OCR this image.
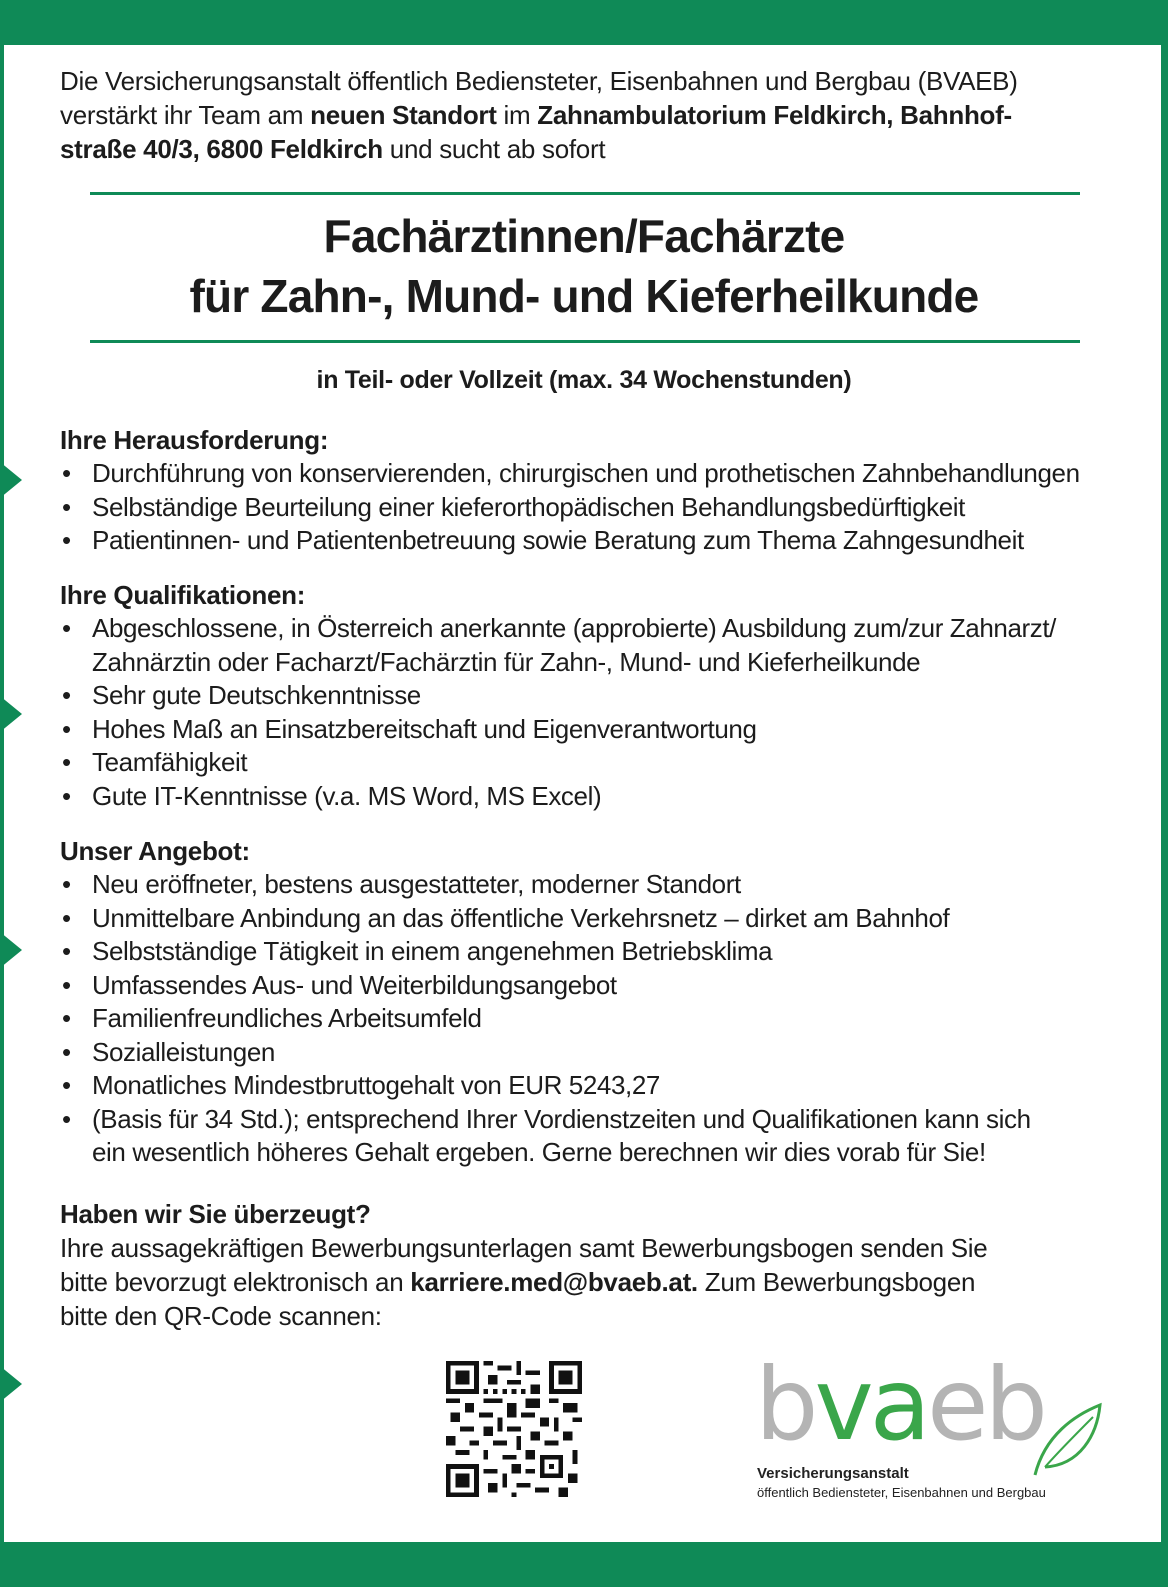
Die Versicherungsanstalt öffentlich Bediensteter, Eisenbahnen und Bergbau (BVAEB)
verstärkt ihr Team am neuen Standort im Zahnambulatorium Feldkirch, Bahnhof-
straße 40/3, 6800 Feldkirch und sucht ab sofort
Fachärztinnen/Fachärzte
für Zahn-, Mund- und Kieferheilkunde
in Teil- oder Vollzeit (max. 34 Wochenstunden)
Ihre Herausforderung:
• Durchführung von konservierenden, chirurgischen und prothetischen Zahnbehandlungen
• Selbständige Beurteilung einer kieferorthopädischen Behandlungsbedürftigkeit
• Patientinnen- und Patientenbetreuung sowie Beratung zum Thema Zahngesundheit
Ihre Qualifikationen:
• Abgeschlossene, in Österreich anerkannte (approbierte) Ausbildung zum/zur Zahnarzt/ Zahnärztin oder Facharzt/Fachärztin für Zahn-, Mund- und Kieferheilkunde
• Sehr gute Deutschkenntnisse
• Hohes Maß an Einsatzbereitschaft und Eigenverantwortung
• Teamfähigkeit
• Gute IT-Kenntnisse (v.a. MS Word, MS Excel)
Unser Angebot:
• Neu eröffneter, bestens ausgestatteter, moderner Standort
• Unmittelbare Anbindung an das öffentliche Verkehrsnetz – dirket am Bahnhof
• Selbstständige Tätigkeit in einem angenehmen Betriebsklima
• Umfassendes Aus- und Weiterbildungsangebot
• Familienfreundliches Arbeitsumfeld
• Sozialleistungen
• Monatliches Mindestbruttogehalt von EUR 5243,27
• (Basis für 34 Std.); entsprechend Ihrer Vordienstzeiten und Qualifikationen kann sich ein wesentlich höheres Gehalt ergeben. Gerne berechnen wir dies vorab für Sie!
Haben wir Sie überzeugt?
Ihre aussagekräftigen Bewerbungsunterlagen samt Bewerbungsbogen senden Sie
bitte bevorzugt elektronisch an karriere.med@bvaeb.at. Zum Bewerbungsbogen
bitte den QR-Code scannen:
bvaeb
Versicherungsanstalt
öffentlich Bediensteter, Eisenbahnen und Bergbau
